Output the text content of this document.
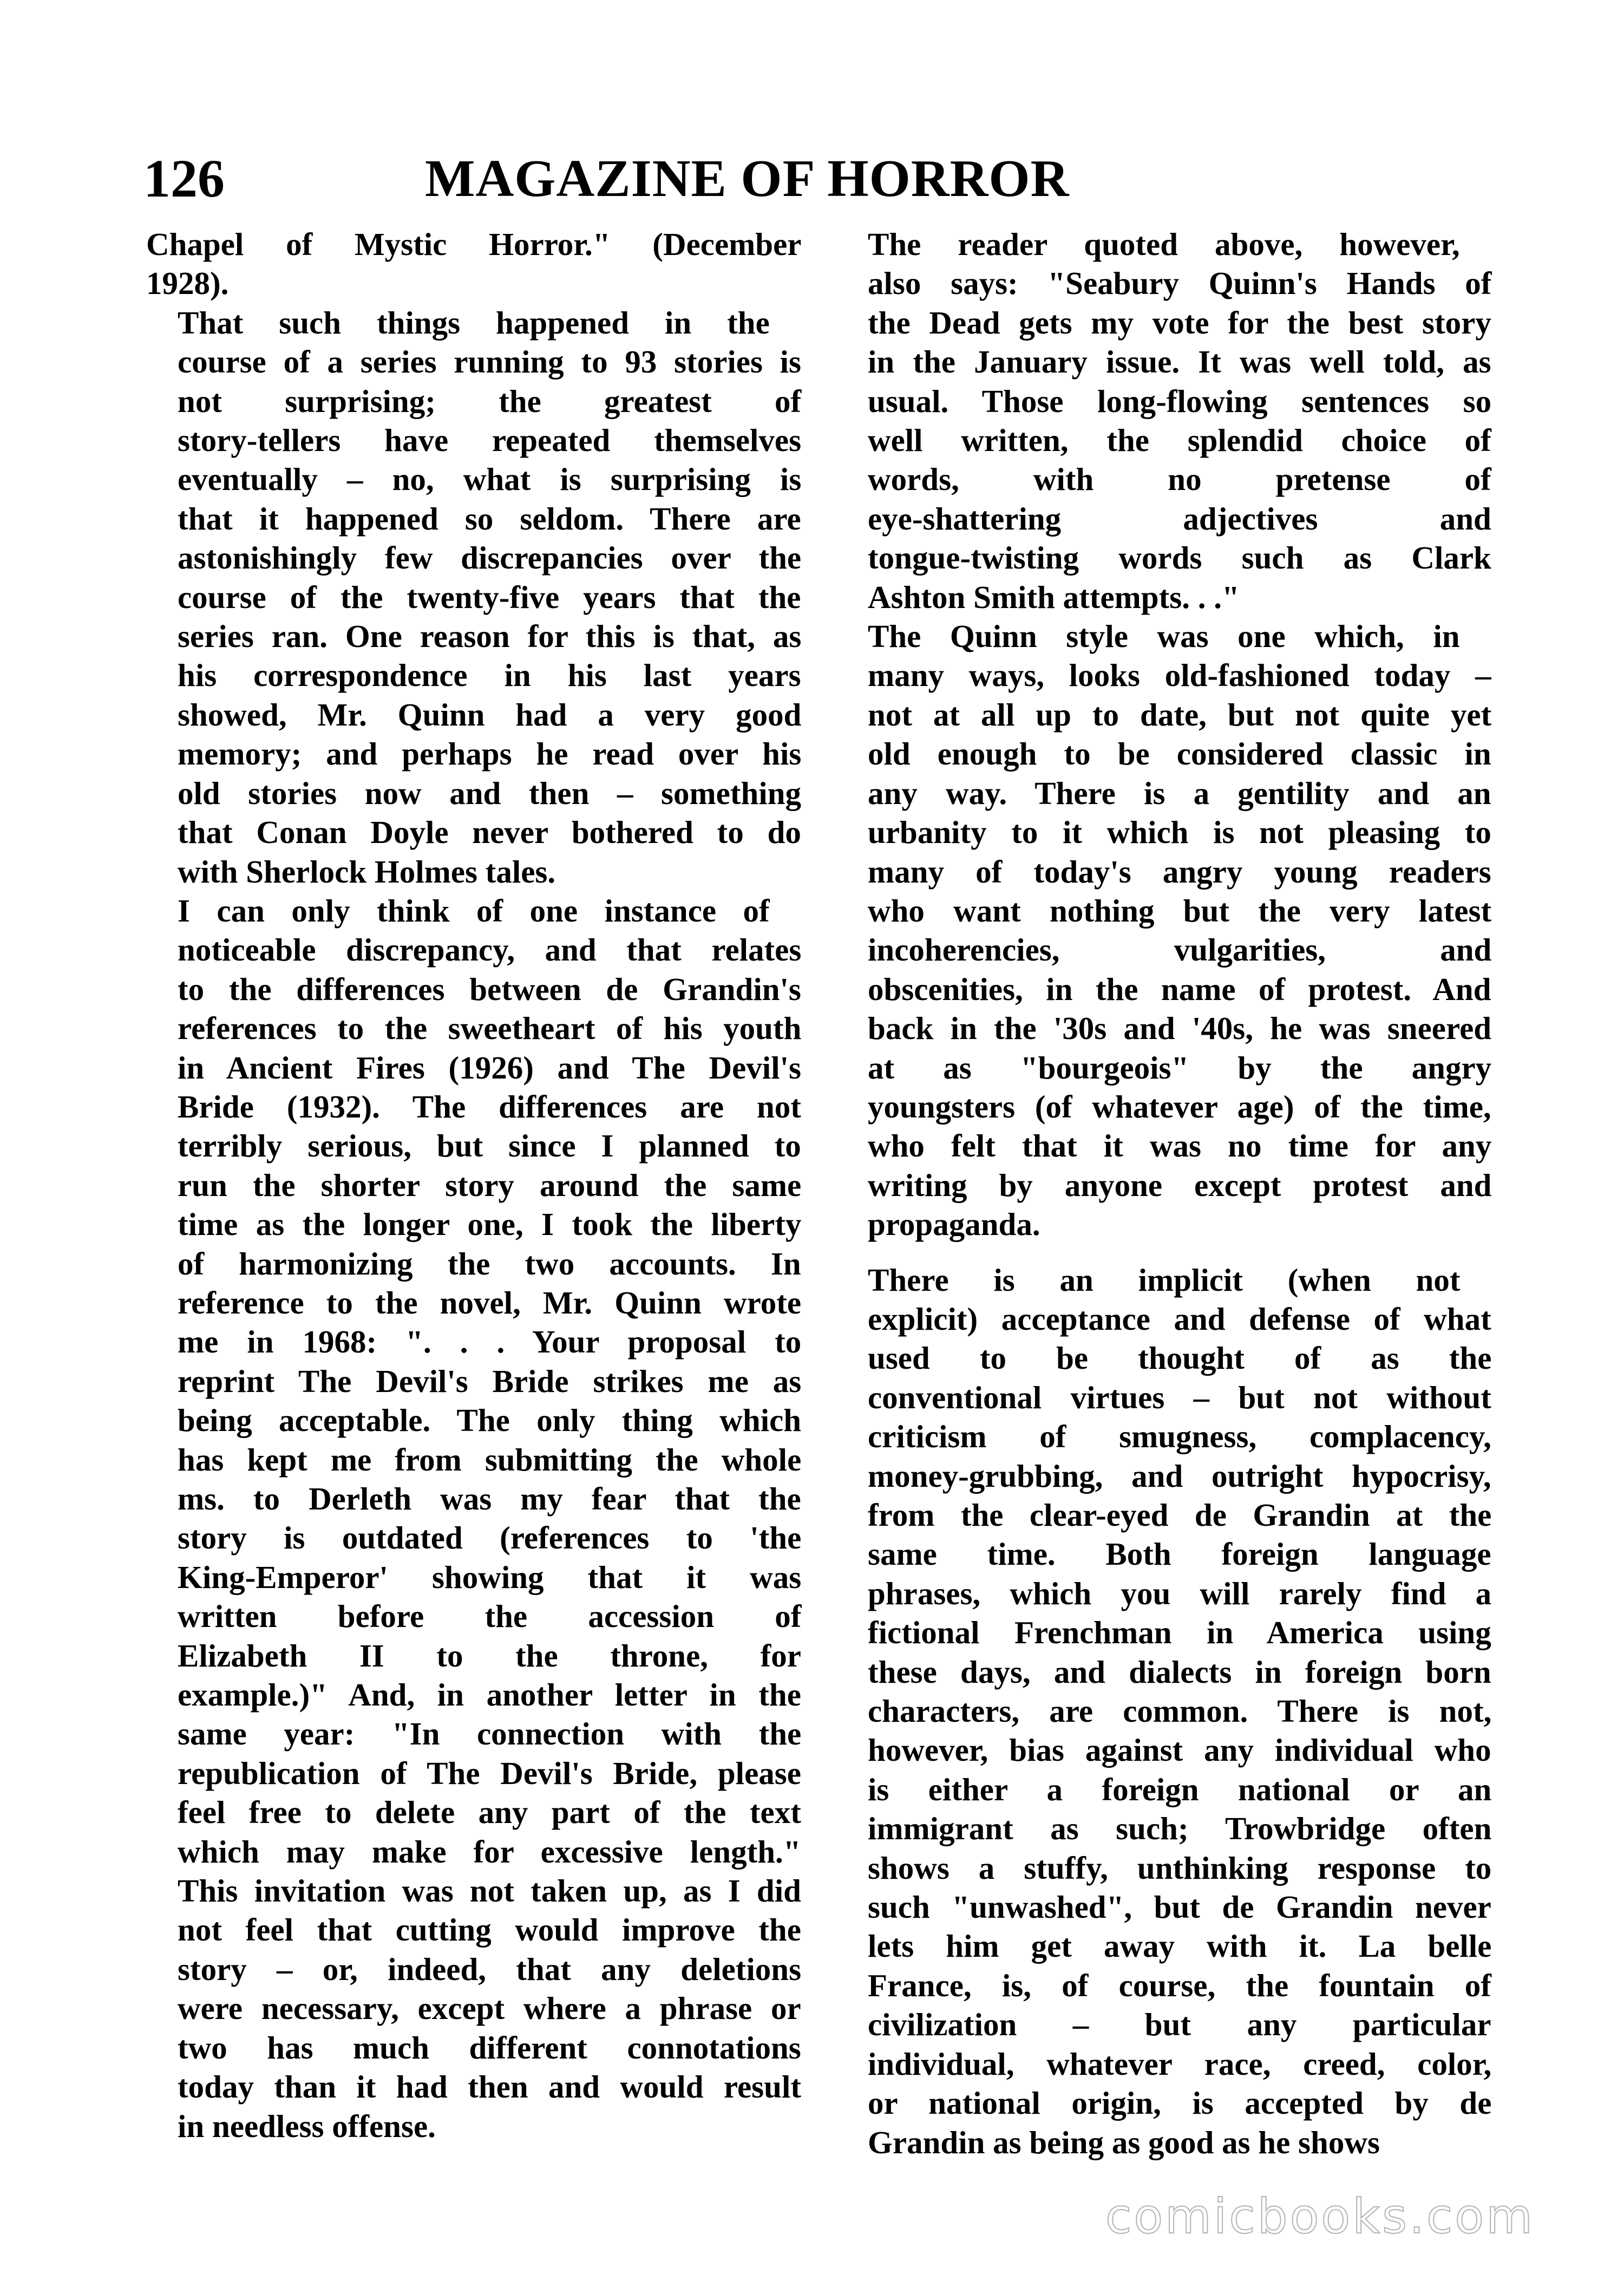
126	MAGAZINE OF HORROR

Chapel of Mystic Horror." (December
1928).

That such things happened in the
course of a series running to 93 stories is
not surprising; the greatest of
story-tellers have repeated themselves
eventually – no, what is surprising is
that it happened so seldom. There are
astonishingly few discrepancies over the
course of the twenty-five years that the
series ran. One reason for this is that, as
his correspondence in his last years
showed, Mr. Quinn had a very good
memory; and perhaps he read over his
old stories now and then – something
that Conan Doyle never bothered to do
with Sherlock Holmes tales.

I can only think of one instance of
noticeable discrepancy, and that relates
to the differences between de Grandin's
references to the sweetheart of his youth
in Ancient Fires (1926) and The Devil's
Bride (1932). The differences are not
terribly serious, but since I planned to
run the shorter story around the same
time as the longer one, I took the liberty
of harmonizing the two accounts. In
reference to the novel, Mr. Quinn wrote
me in 1968: ". . . Your proposal to
reprint The Devil's Bride strikes me as
being acceptable. The only thing which
has kept me from submitting the whole
ms. to Derleth was my fear that the
story is outdated (references to 'the
King-Emperor' showing that it was
written before the accession of
Elizabeth II to the throne, for
example.)" And, in another letter in the
same year: "In connection with the
republication of The Devil's Bride, please
feel free to delete any part of the text
which may make for excessive length."
This invitation was not taken up, as I did
not feel that cutting would improve the
story – or, indeed, that any deletions
were necessary, except where a phrase or
two has much different connotations
today than it had then and would result
in needless offense.

The reader quoted above, however,
also says: "Seabury Quinn's Hands of
the Dead gets my vote for the best story
in the January issue. It was well told, as
usual. Those long-flowing sentences so
well written, the splendid choice of
words, with no pretense of
eye-shattering adjectives and
tongue-twisting words such as Clark
Ashton Smith attempts. . ."

The Quinn style was one which, in
many ways, looks old-fashioned today –
not at all up to date, but not quite yet
old enough to be considered classic in
any way. There is a gentility and an
urbanity to it which is not pleasing to
many of today's angry young readers
who want nothing but the very latest
incoherencies, vulgarities, and
obscenities, in the name of protest. And
back in the '30s and '40s, he was sneered
at as "bourgeois" by the angry
youngsters (of whatever age) of the time,
who felt that it was no time for any
writing by anyone except protest and
propaganda.

There is an implicit (when not
explicit) acceptance and defense of what
used to be thought of as the
conventional virtues – but not without
criticism of smugness, complacency,
money-grubbing, and outright hypocrisy,
from the clear-eyed de Grandin at the
same time. Both foreign language
phrases, which you will rarely find a
fictional Frenchman in America using
these days, and dialects in foreign born
characters, are common. There is not,
however, bias against any individual who
is either a foreign national or an
immigrant as such; Trowbridge often
shows a stuffy, unthinking response to
such "unwashed", but de Grandin never
lets him get away with it. La belle
France, is, of course, the fountain of
civilization – but any particular
individual, whatever race, creed, color,
or national origin, is accepted by de
Grandin as being as good as he shows

comicbooks.com
